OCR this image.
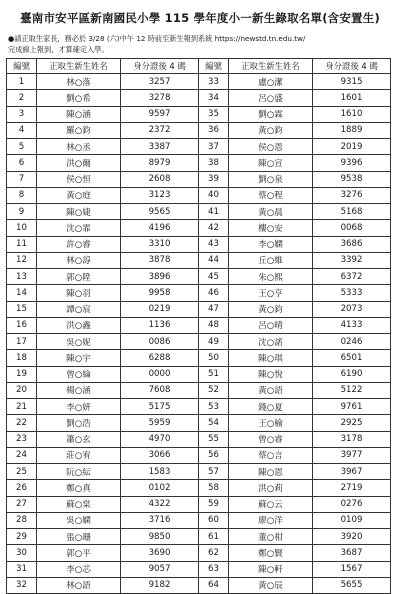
臺南市安平區新南國民小學 115 學年度小一新生錄取名單(含安置生)
●請正取生家長，務必於 3/28 (六)中午 12 時前至新生報到系統 https://newstd.tn.edu.tw/
完成線上報到，才算確定入學。
編號	正取生新生姓名	身分證後 4 碼	編號	正取生新生姓名	身分證後 4 碼
1	林○落	3257	33	盧○潔	9315
2	劉○希	3278	34	呂○盛	1601
3	陳○涵	9597	35	劉○霖	1610
4	羅○鈞	2372	36	黃○鈞	1889
5	林○丞	3387	37	侯○恩	2019
6	洪○爾	8979	38	陳○宣	9396
7	侯○恒	2608	39	劉○泉	9538
8	黃○庭	3123	40	蔡○程	3276
9	陳○婕	9565	41	黃○晨	5168
10	沈○霏	4196	42	樓○安	0068
11	許○睿	3310	43	李○嫻	3686
12	林○諄	3878	44	丘○維	3392
13	郭○陞	3896	45	朱○熙	6372
14	陳○羽	9958	46	王○亨	5333
15	譚○宸	0219	47	黃○鈞	2073
16	洪○鑫	1136	48	呂○晴	4133
17	吳○妮	0086	49	沈○諾	0246
18	陳○宇	6288	50	陳○琪	6501
19	曾○綸	0000	51	陳○悅	6190
20	楊○涵	7608	52	黃○語	5122
21	李○妍	5175	53	錢○夏	9761
22	劉○浩	5959	54	王○榆	2925
23	蕭○玄	4970	55	曾○睿	3178
24	莊○宥	3066	56	蔡○言	3977
25	阮○紜	1583	57	陳○恩	3967
26	鄭○真	0102	58	洪○莉	2719
27	蘇○棠	4322	59	蘇○云	0276
28	吳○嫻	3716	60	廖○洋	0109
29	張○珊	9850	61	董○柑	3920
30	郭○平	3690	62	鄭○賢	3687
31	李○芯	9057	63	陳○軒	1567
32	林○語	9182	64	黃○辰	5655
